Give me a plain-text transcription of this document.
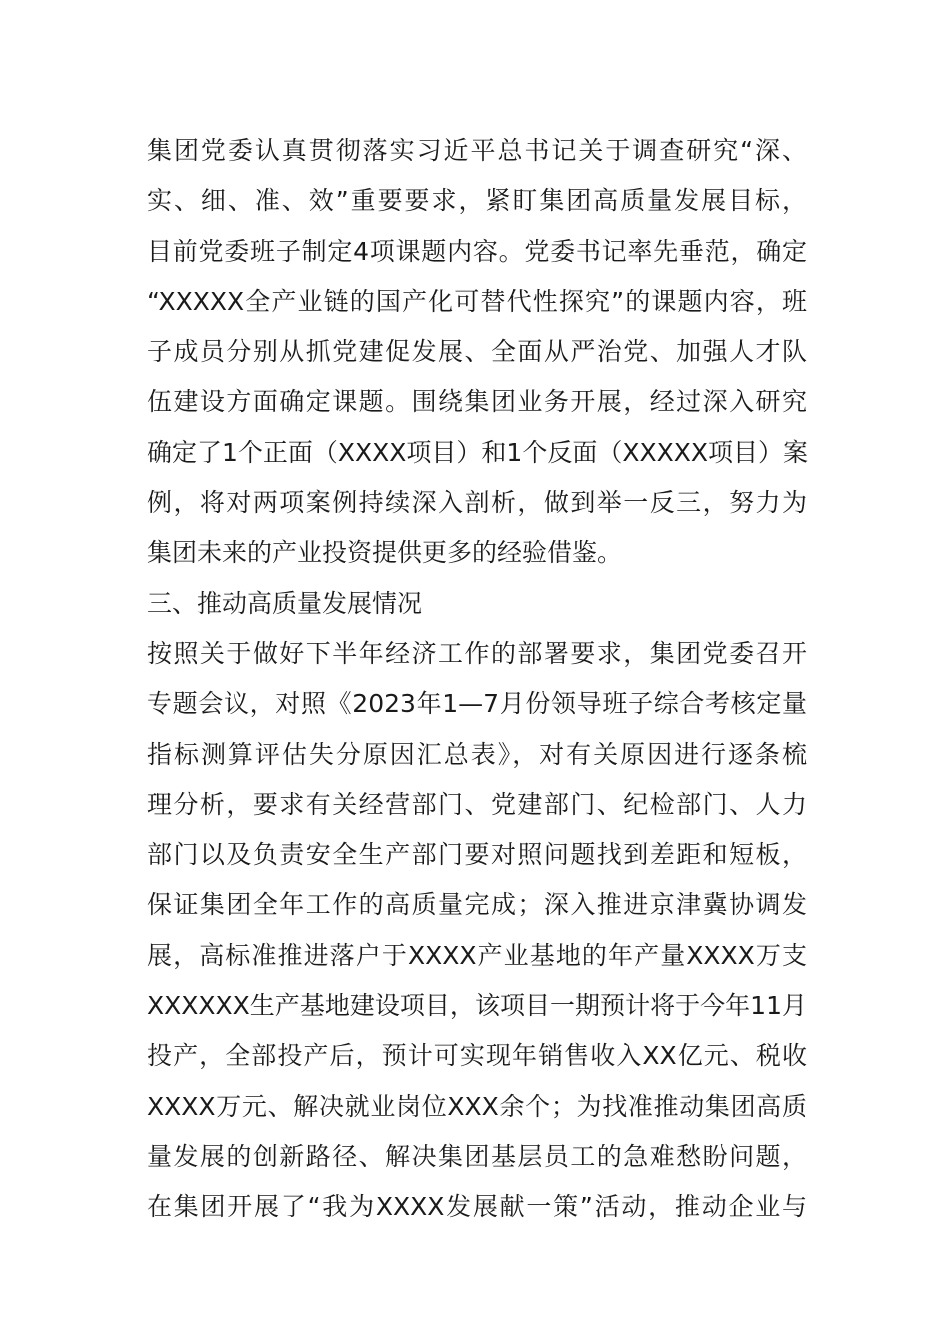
集团党委认真贯彻落实习近平总书记关于调查研究“深、
实、细、准、效”重要要求，紧盯集团高质量发展目标，
目前党委班子制定4项课题内容。党委书记率先垂范，确定
“XXXXX全产业链的国产化可替代性探究”的课题内容，班
子成员分别从抓党建促发展、全面从严治党、加强人才队
伍建设方面确定课题。围绕集团业务开展，经过深入研究
确定了1个正面（XXXX项目）和1个反面（XXXXX项目）案
例，将对两项案例持续深入剖析，做到举一反三，努力为
集团未来的产业投资提供更多的经验借鉴。
三、推动高质量发展情况
按照关于做好下半年经济工作的部署要求，集团党委召开
专题会议，对照《2023年1—7月份领导班子综合考核定量
指标测算评估失分原因汇总表》，对有关原因进行逐条梳
理分析，要求有关经营部门、党建部门、纪检部门、人力
部门以及负责安全生产部门要对照问题找到差距和短板，
保证集团全年工作的高质量完成；深入推进京津冀协调发
展，高标准推进落户于XXXX产业基地的年产量XXXX万支
XXXXXX生产基地建设项目，该项目一期预计将于今年11月
投产，全部投产后，预计可实现年销售收入XX亿元、税收
XXXX万元、解决就业岗位XXX余个；为找准推动集团高质
量发展的创新路径、解决集团基层员工的急难愁盼问题，
在集团开展了“我为XXXX发展献一策”活动，推动企业与
